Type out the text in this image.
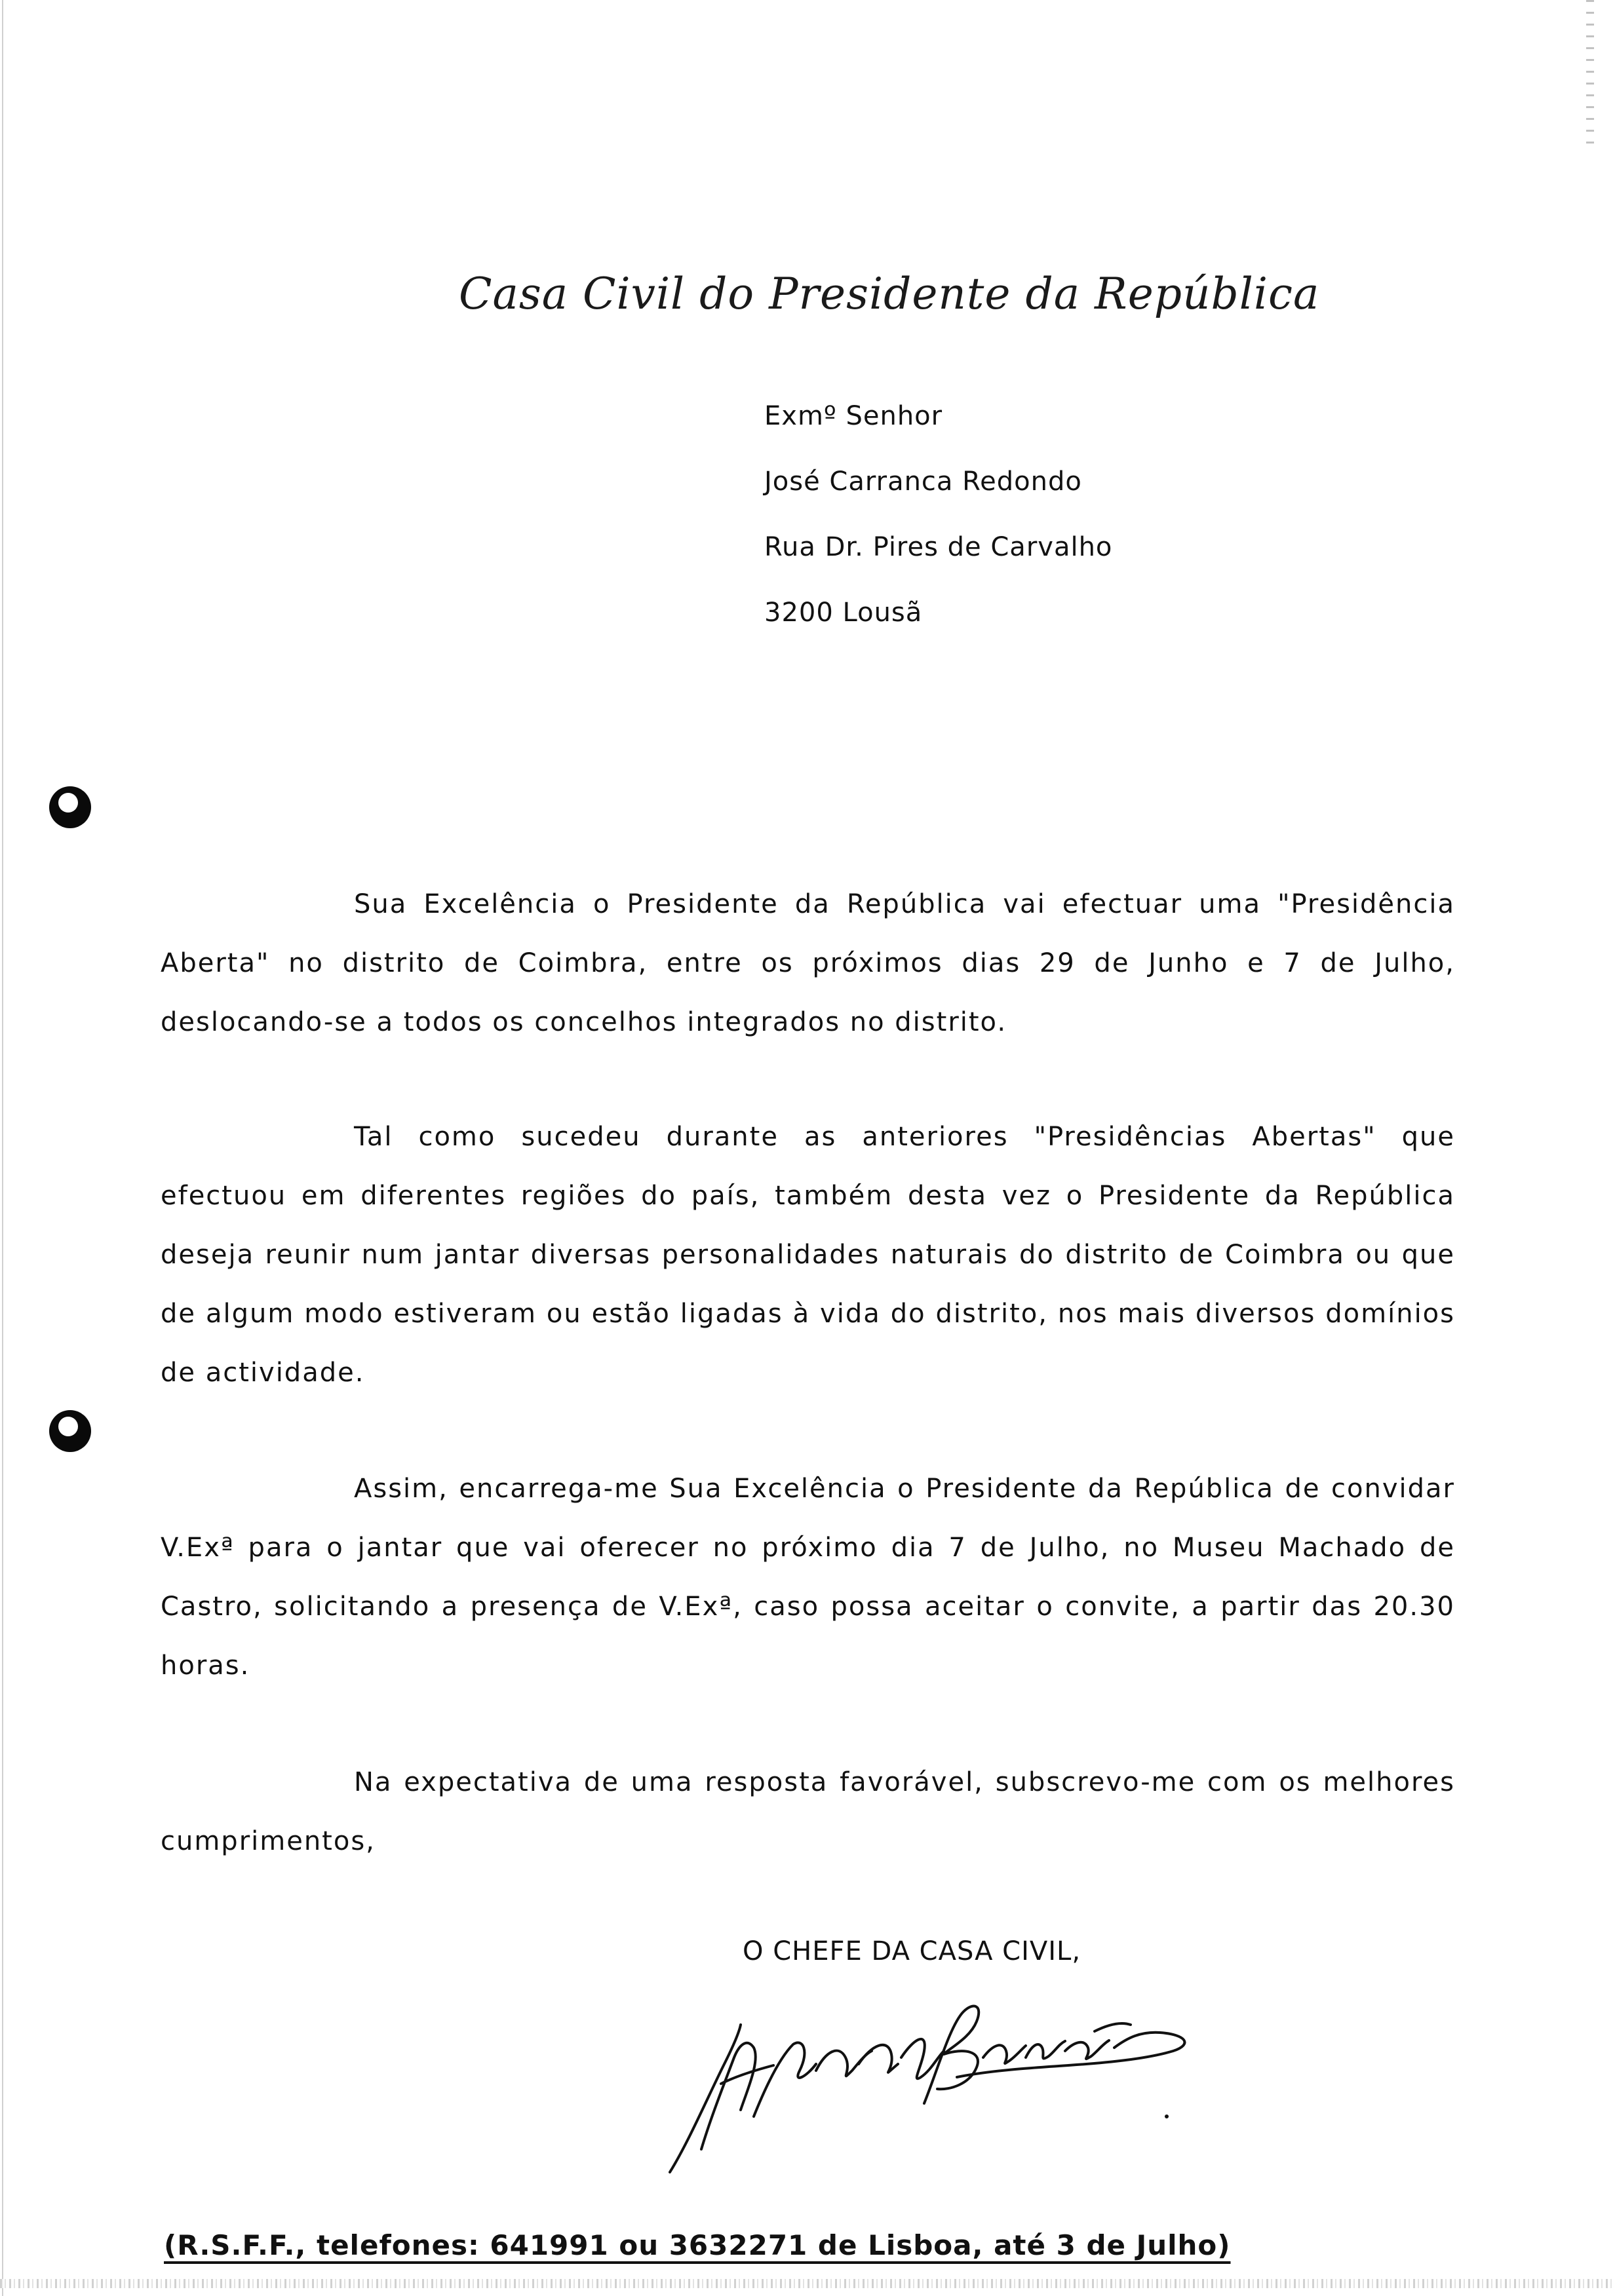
Casa Civil do Presidente da República
Exmº Senhor
José Carranca Redondo
Rua Dr. Pires de Carvalho
3200 Lousã
Sua Excelência o Presidente da República vai efectuar uma "Presidência Aberta" no distrito de Coimbra, entre os próximos dias 29 de Junho e 7 de Julho, deslocando-se a todos os concelhos integrados no distrito.
Tal como sucedeu durante as anteriores "Presidências Abertas" que efectuou em diferentes regiões do país, também desta vez o Presidente da República deseja reunir num jantar diversas personalidades naturais do distrito de Coimbra ou que de algum modo estiveram ou estão ligadas à vida do distrito, nos mais diversos domínios de actividade.
Assim, encarrega-me Sua Excelência o Presidente da República de convidar V.Exª para o jantar que vai oferecer no próximo dia 7 de Julho, no Museu Machado de Castro, solicitando a presença de V.Exª, caso possa aceitar o convite, a partir das 20.30 horas.
Na expectativa de uma resposta favorável, subscrevo-me com os melhores cumprimentos,
O CHEFE DA CASA CIVIL,
(R.S.F.F., telefones: 641991 ou 3632271 de Lisboa, até 3 de Julho)
